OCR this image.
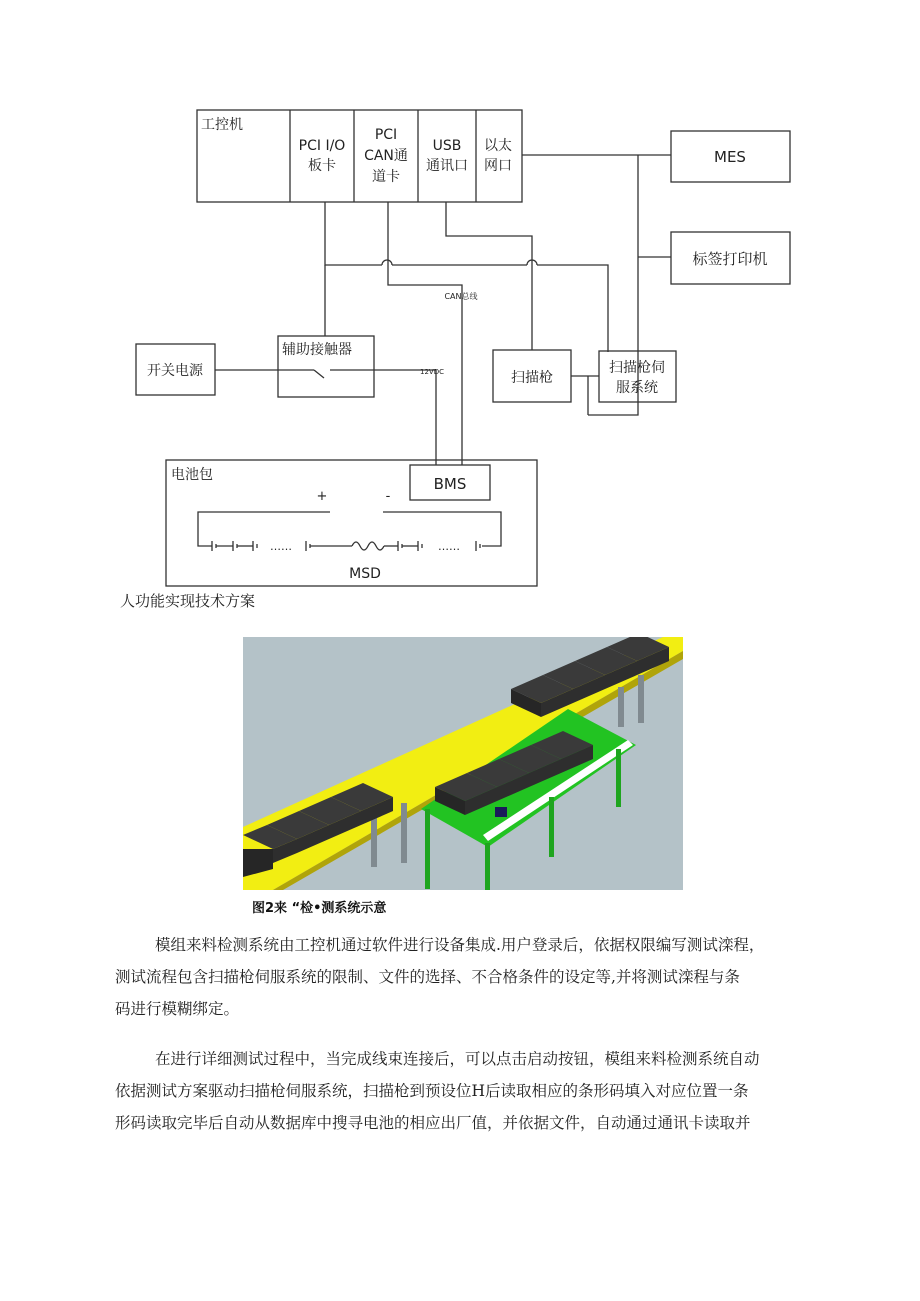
工控机
PCI I/O
板卡
PCI
CAN通
道卡
USB
通讯口
以太
网口	MES
标签打印机
CAN总线
辅助接触器
开关电源	12VDC	扫描枪
扫描枪伺
服系统
电池包	BMS
+	-
……	……
MSD
人功能实现技术方案
图2来 “检•测系统示意
模组来料检测系统由工控机通过软件进行设备集成.用户登录后，依据权限编写测试滦程，
测试流程包含扫描枪伺服系统的限制、文件的选择、不合格条件的设定等,并将测试滦程与条
码进行模糊绑定。
在进行详细测试过程中，当完成线束连接后，可以点击启动按钮，模组来料检测系统自动
依据测试方案驱动扫描枪伺服系统，扫描枪到预设位H后读取相应的条形码填入对应位置一条
形码读取完毕后自动从数据库中搜寻电池的相应出厂值，并依据文件，自动通过通讯卡读取并
